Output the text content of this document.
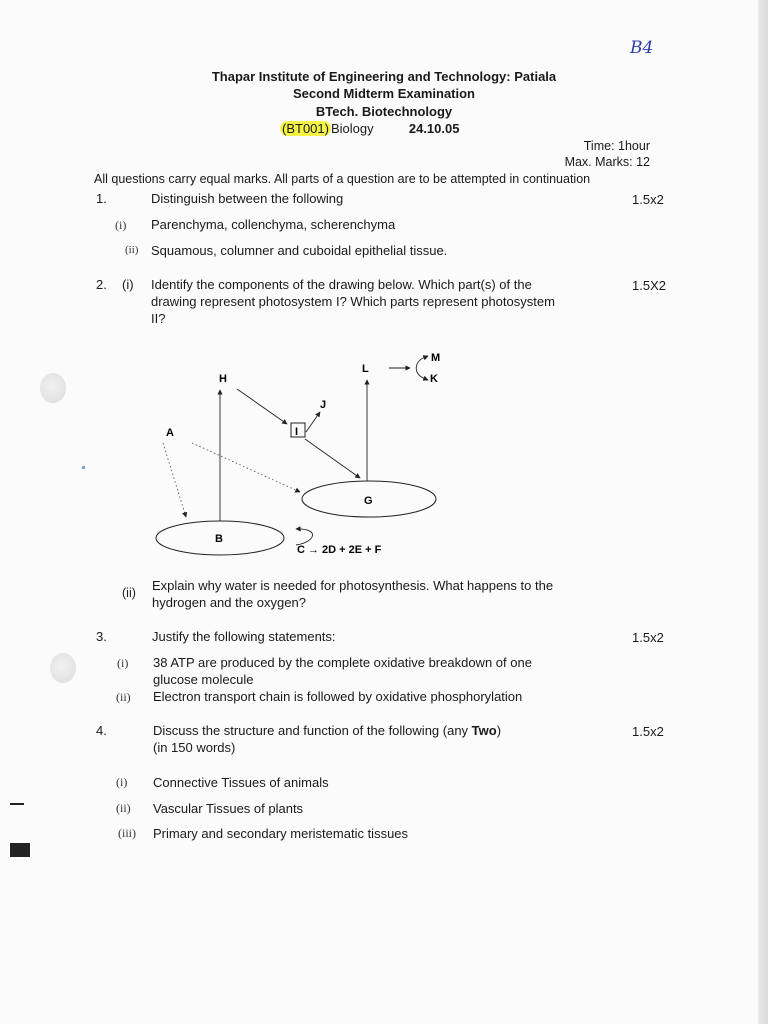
B4
Thapar Institute of Engineering and Technology: Patiala
Second Midterm Examination
BTech. Biotechnology
(BT001) Biology	24.10.05
Time: 1hour
Max. Marks: 12
All questions carry equal marks. All parts of a question are to be attempted in continuation
1.	Distinguish between the following	1.5x2
(i) Parenchyma, collenchyma, scherenchyma
(ii) Squamous, columner and cuboidal epithelial tissue.
2. (i) Identify the components of the drawing below. Which part(s) of the
drawing represent photosystem I? Which parts represent photosystem
II?
1.5X2
H
I
J
L
M
K
A
G
B
C → 2D + 2E + F
(ii) Explain why water is needed for photosynthesis. What happens to the
hydrogen and the oxygen?
3.	Justify the following statements:	1.5x2
(i) 38 ATP are produced by the complete oxidative breakdown of one
glucose molecule
(ii) Electron transport chain is followed by oxidative phosphorylation
4.	Discuss the structure and function of the following (any Two)
(in 150 words)
1.5x2
(i) Connective Tissues of animals
(ii) Vascular Tissues of plants
(iii) Primary and secondary meristematic tissues
